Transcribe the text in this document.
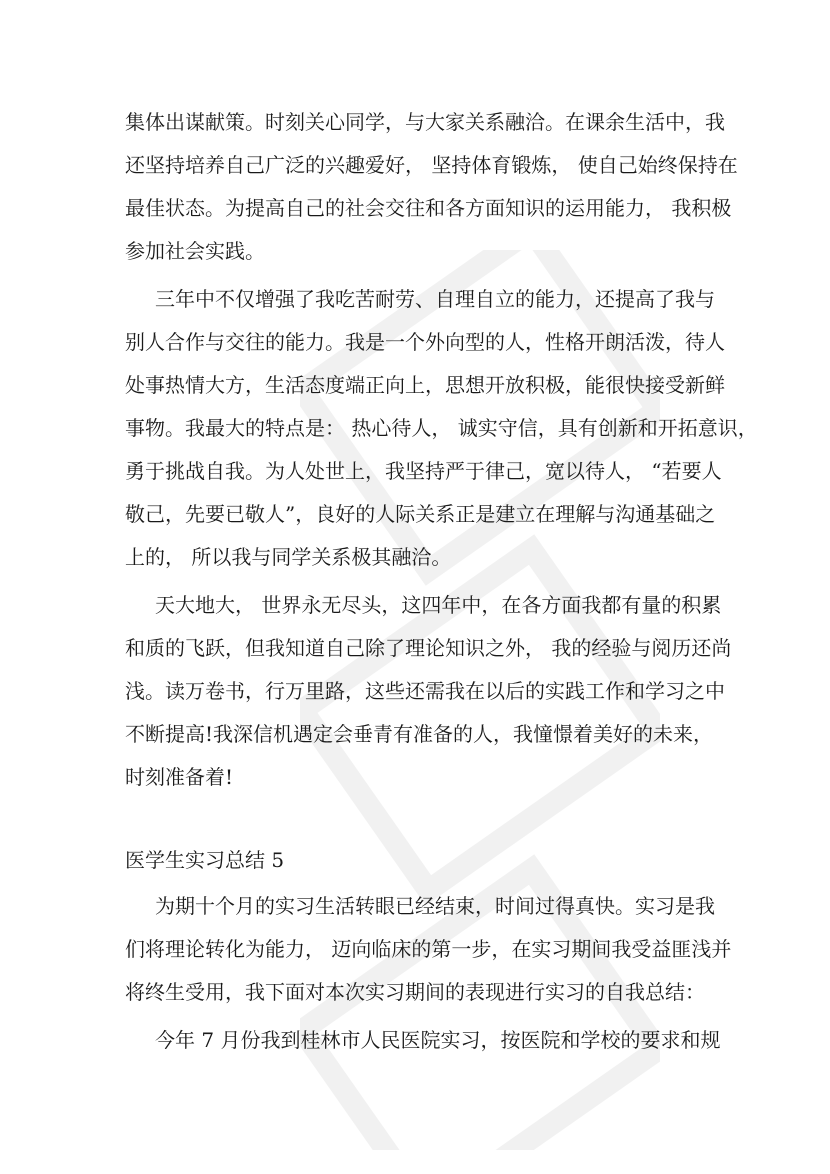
集体出谋献策。时刻关心同学，与大家关系融洽。在课余生活中，我
还坚持培养自己广泛的兴趣爱好， 坚持体育锻炼， 使自己始终保持在
最佳状态。为提高自己的社会交往和各方面知识的运用能力， 我积极
参加社会实践。
三年中不仅增强了我吃苦耐劳、自理自立的能力，还提高了我与
别人合作与交往的能力。我是一个外向型的人，性格开朗活泼，待人
处事热情大方，生活态度端正向上，思想开放积极，能很快接受新鲜
事物。我最大的特点是： 热心待人， 诚实守信，具有创新和开拓意识，
勇于挑战自我。为人处世上，我坚持严于律己，宽以待人， “若要人
敬己，先要已敬人”，良好的人际关系正是建立在理解与沟通基础之
上的， 所以我与同学关系极其融洽。
天大地大， 世界永无尽头，这四年中，在各方面我都有量的积累
和质的飞跃，但我知道自己除了理论知识之外， 我的经验与阅历还尚
浅。读万卷书，行万里路，这些还需我在以后的实践工作和学习之中
不断提高!我深信机遇定会垂青有准备的人，我憧憬着美好的未来，
时刻准备着!
医学生实习总结 5
为期十个月的实习生活转眼已经结束，时间过得真快。实习是我
们将理论转化为能力， 迈向临床的第一步，在实习期间我受益匪浅并
将终生受用，我下面对本次实习期间的表现进行实习的自我总结：
今年 7 月份我到桂林市人民医院实习，按医院和学校的要求和规
